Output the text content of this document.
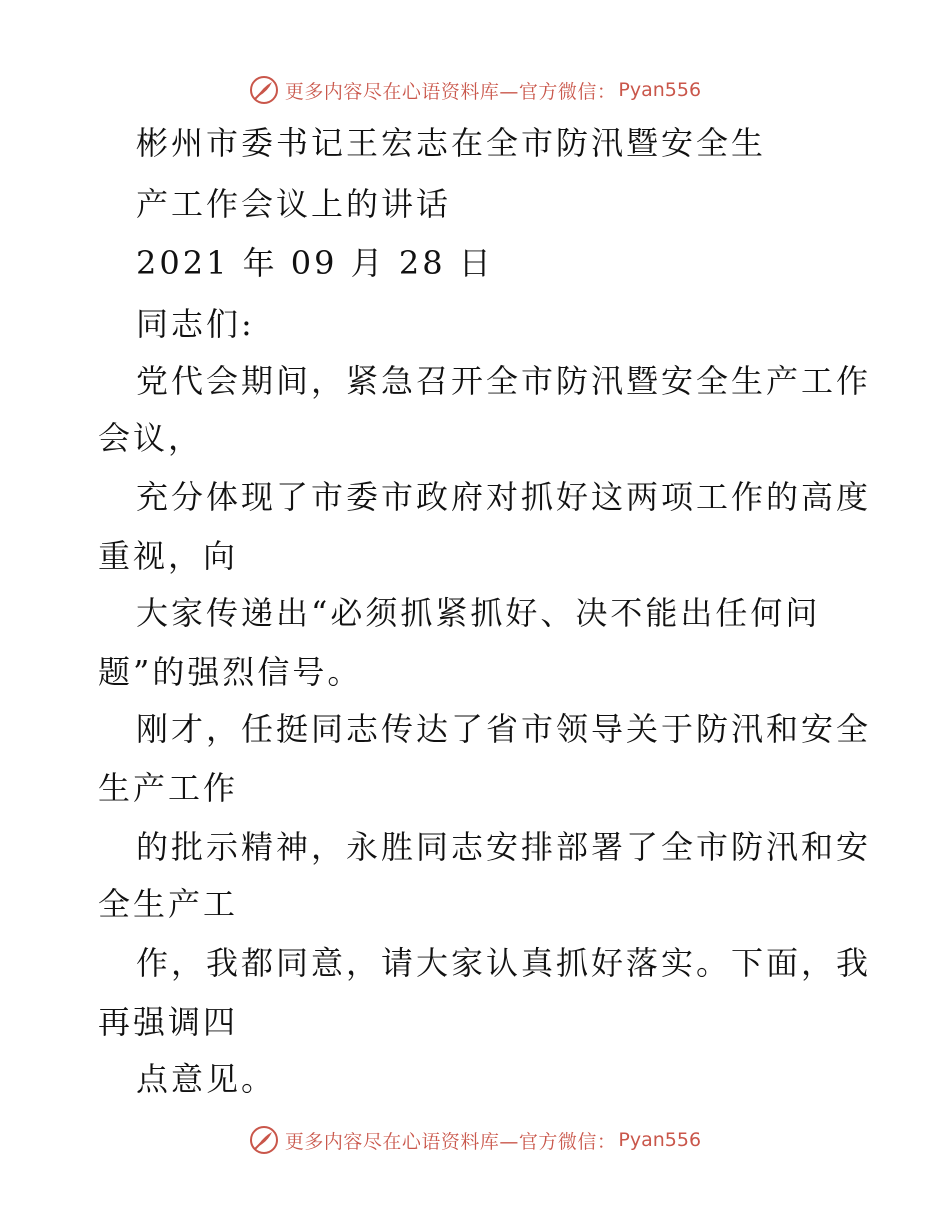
更多内容尽在心语资料库—官方微信： Pyan556
彬州市委书记王宏志在全市防汛暨安全生
产工作会议上的讲话
2021 年 09 月 28 日
同志们:
党代会期间，紧急召开全市防汛暨安全生产工作
会议，
充分体现了市委市政府对抓好这两项工作的高度
重视，向
大家传递出“必须抓紧抓好、决不能出任何问
题”的强烈信号。
刚才，任挺同志传达了省市领导关于防汛和安全
生产工作
的批示精神，永胜同志安排部署了全市防汛和安
全生产工
作，我都同意，请大家认真抓好落实。下面，我
再强调四
点意见。
更多内容尽在心语资料库—官方微信： Pyan556
